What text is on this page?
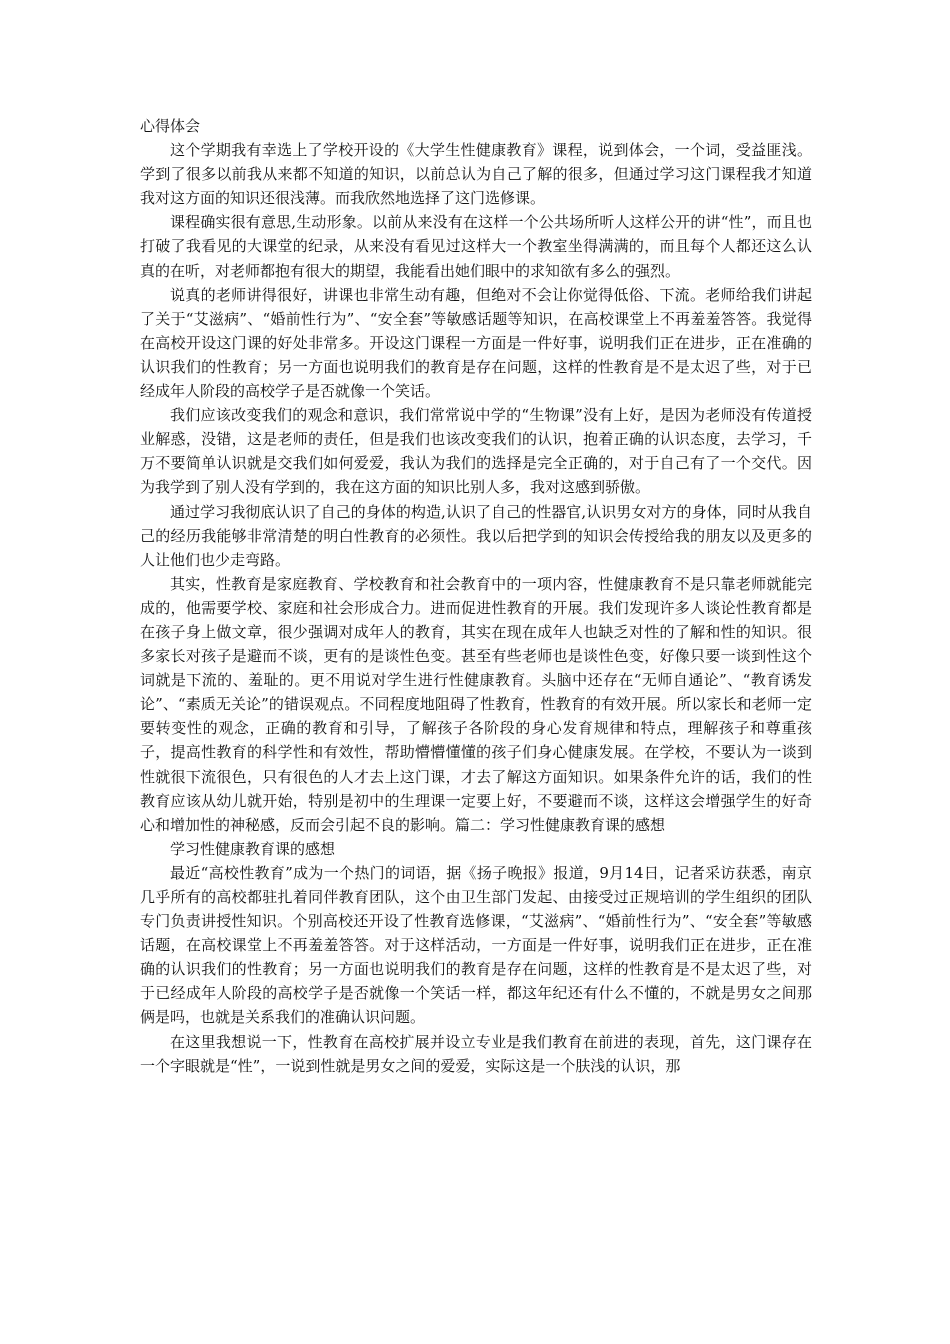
心得体会

这个学期我有幸选上了学校开设的《大学生性健康教育》课程，说到体会，一个词，受益匪浅。学到了很多以前我从来都不知道的知识，以前总认为自己了解的很多，但通过学习这门课程我才知道我对这方面的知识还很浅薄。而我欣然地选择了这门选修课。

课程确实很有意思,生动形象。以前从来没有在这样一个公共场所听人这样公开的讲“性”，而且也打破了我看见的大课堂的纪录，从来没有看见过这样大一个教室坐得满满的，而且每个人都还这么认真的在听，对老师都抱有很大的期望，我能看出她们眼中的求知欲有多么的强烈。

说真的老师讲得很好，讲课也非常生动有趣，但绝对不会让你觉得低俗、下流。老师给我们讲起了关于“艾滋病”、“婚前性行为”、“安全套”等敏感话题等知识，在高校课堂上不再羞羞答答。我觉得在高校开设这门课的好处非常多。开设这门课程一方面是一件好事，说明我们正在进步，正在准确的认识我们的性教育；另一方面也说明我们的教育是存在问题，这样的性教育是不是太迟了些，对于已经成年人阶段的高校学子是否就像一个笑话。

我们应该改变我们的观念和意识，我们常常说中学的“生物课”没有上好，是因为老师没有传道授业解惑，没错，这是老师的责任，但是我们也该改变我们的认识，抱着正确的认识态度，去学习，千万不要简单认识就是交我们如何爱爱，我认为我们的选择是完全正确的，对于自己有了一个交代。因为我学到了别人没有学到的，我在这方面的知识比别人多，我对这感到骄傲。

通过学习我彻底认识了自己的身体的构造,认识了自己的性器官,认识男女对方的身体，同时从我自己的经历我能够非常清楚的明白性教育的必须性。我以后把学到的知识会传授给我的朋友以及更多的人让他们也少走弯路。

其实，性教育是家庭教育、学校教育和社会教育中的一项内容，性健康教育不是只靠老师就能完成的，他需要学校、家庭和社会形成合力。进而促进性教育的开展。我们发现许多人谈论性教育都是在孩子身上做文章，很少强调对成年人的教育，其实在现在成年人也缺乏对性的了解和性的知识。很多家长对孩子是避而不谈，更有的是谈性色变。甚至有些老师也是谈性色变，好像只要一谈到性这个词就是下流的、羞耻的。更不用说对学生进行性健康教育。头脑中还存在“无师自通论”、“教育诱发论”、“素质无关论”的错误观点。不同程度地阻碍了性教育，性教育的有效开展。所以家长和老师一定要转变性的观念，正确的教育和引导，了解孩子各阶段的身心发育规律和特点，理解孩子和尊重孩子，提高性教育的科学性和有效性，帮助懵懵懂懂的孩子们身心健康发展。在学校，不要认为一谈到性就很下流很色，只有很色的人才去上这门课，才去了解这方面知识。如果条件允许的话，我们的性教育应该从幼儿就开始，特别是初中的生理课一定要上好，不要避而不谈，这样这会增强学生的好奇心和增加性的神秘感，反而会引起不良的影响。篇二：学习性健康教育课的感想

学习性健康教育课的感想

最近“高校性教育”成为一个热门的词语，据《扬子晚报》报道，9月14日，记者采访获悉，南京几乎所有的高校都驻扎着同伴教育团队，这个由卫生部门发起、由接受过正规培训的学生组织的团队专门负责讲授性知识。个别高校还开设了性教育选修课，“艾滋病”、“婚前性行为”、“安全套”等敏感话题，在高校课堂上不再羞羞答答。对于这样活动，一方面是一件好事，说明我们正在进步，正在准确的认识我们的性教育；另一方面也说明我们的教育是存在问题，这样的性教育是不是太迟了些，对于已经成年人阶段的高校学子是否就像一个笑话一样，都这年纪还有什么不懂的，不就是男女之间那俩是吗，也就是关系我们的准确认识问题。

在这里我想说一下，性教育在高校扩展并设立专业是我们教育在前进的表现，首先，这门课存在一个字眼就是“性”，一说到性就是男女之间的爱爱，实际这是一个肤浅的认识，那
